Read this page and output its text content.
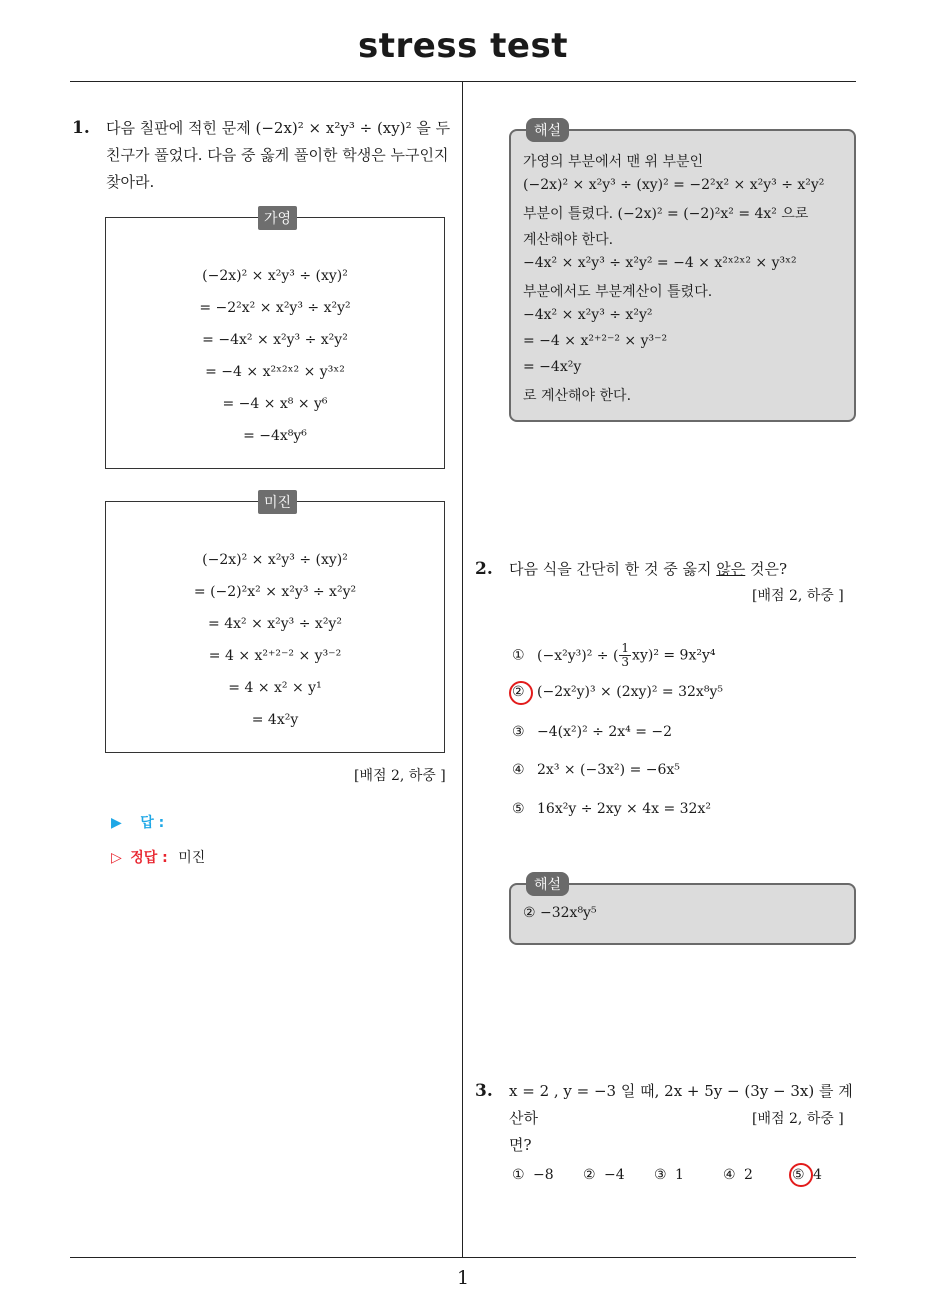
stress test
1. 다음 칠판에 적힌 문제 (−2x)² × x²y³ ÷ (xy)² 을 두
친구가 풀었다. 다음 중 옳게 풀이한 학생은 누구인지
찾아라.
가영
(−2x)² × x²y³ ÷ (xy)²
= −2²x² × x²y³ ÷ x²y²
= −4x² × x²y³ ÷ x²y²
= −4 × x²ˣ²ˣ² × y³ˣ²
= −4 × x⁸ × y⁶
= −4x⁸y⁶
미진
(−2x)² × x²y³ ÷ (xy)²
= (−2)²x² × x²y³ ÷ x²y²
= 4x² × x²y³ ÷ x²y²
= 4 × x²⁺²⁻² × y³⁻²
= 4 × x² × y¹
= 4x²y
[배점 2, 하중 ]
▶ 답 :
▷ 정답 : 미진
해설
가영의 부분에서 맨 위 부분인
(−2x)² × x²y³ ÷ (xy)² = −2²x² × x²y³ ÷ x²y²
부분이 틀렸다. (−2x)² = (−2)²x² = 4x² 으로
계산해야 한다.
−4x² × x²y³ ÷ x²y² = −4 × x²ˣ²ˣ² × y³ˣ²
부분에서도 부분계산이 틀렸다.
−4x² × x²y³ ÷ x²y²
= −4 × x²⁺²⁻² × y³⁻²
= −4x²y
로 계산해야 한다.
2. 다음 식을 간단히 한 것 중 옳지 않은 것은?
[배점 2, 하중 ]
① (−x²y³)² ÷ ( $\frac{1}{3} xy)^2 = 9x^2y^4$
② (−2x²y)³ × (2xy)² = 32x⁸y⁵
③ −4(x²)² ÷ 2x⁴ = −2
④ 2x³ × (−3x²) = −6x⁵
⑤ 16x²y ÷ 2xy × 4x = 32x²
해설
② −32x⁸y⁵
3. x = 2 , y = −3 일 때, 2x + 5y − (3y − 3x) 를 계산하
면?
[배점 2, 하중 ]
① −8 ② −4 ③ 1	④ 2	⑤ 4
1
